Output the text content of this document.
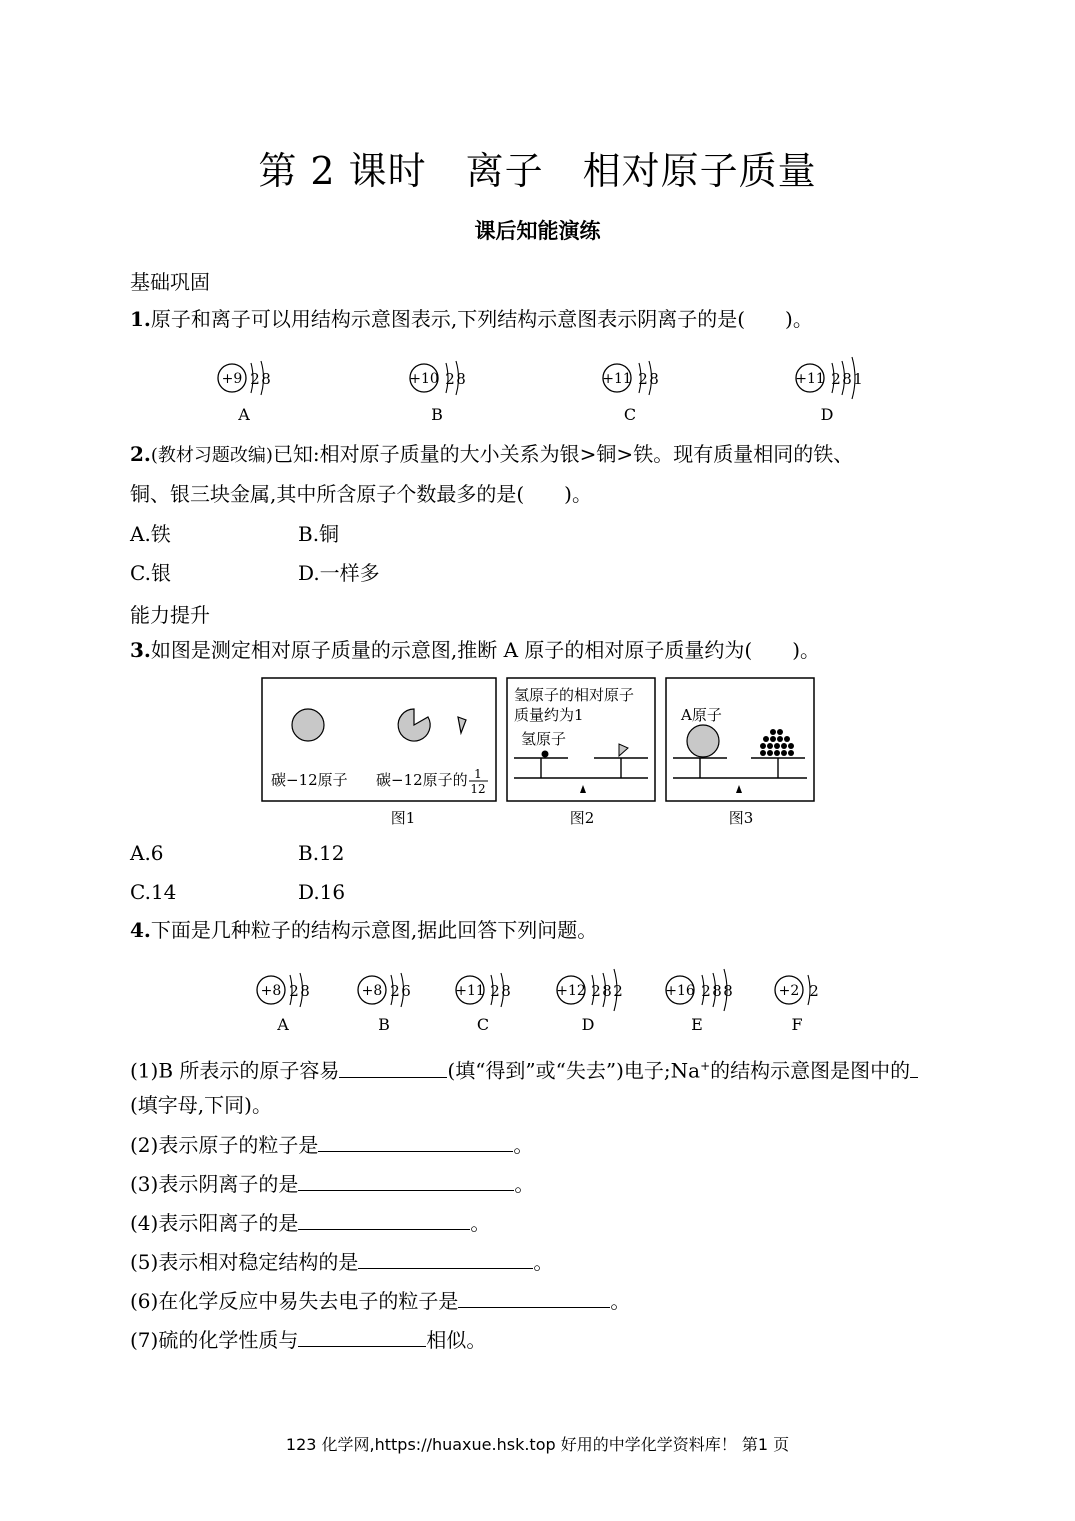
第 2 课时　离子　相对原子质量
课后知能演练
基础巩固
1.原子和离子可以用结构示意图表示,下列结构示意图表示阴离子的是(　　)。
+9 2 8
A
+10 2 8
B
+11 2 8
C
+11 2 8 1
D
2.(教材习题改编)已知:相对原子质量的大小关系为银>铜>铁。现有质量相同的铁、
铜、银三块金属,其中所含原子个数最多的是(　　)。
A.铁	B.铜
C.银	D.一样多
能力提升
3.如图是测定相对原子质量的示意图,推断 A 原子的相对原子质量约为(　　)。
碳−12原子 碳−12原子的 1
12
图1
氢原子的相对原子
质量约为1
氢原子
图2
A原子
图3
A.6	B.12
C.14	D.16
4.下面是几种粒子的结构示意图,据此回答下列问题。
+8 2 8
A
+8 2 6
B
+11 2 8
C
+12 2 8 2
D
+16 2 8 8
E
+2 2
F
(1)B 所表示的原子容易	(填“得到”或“失去”)电子;Na+的结构示意图是图中的
(填字母,下同)。
(2)表示原子的粒子是	。
(3)表示阴离子的是	。
(4)表示阳离子的是	。
(5)表示相对稳定结构的是	。
(6)在化学反应中易失去电子的粒子是	。
(7)硫的化学性质与	相似。
123 化学网,https://huaxue.hsk.top 好用的中学化学资料库！ 第1 页
